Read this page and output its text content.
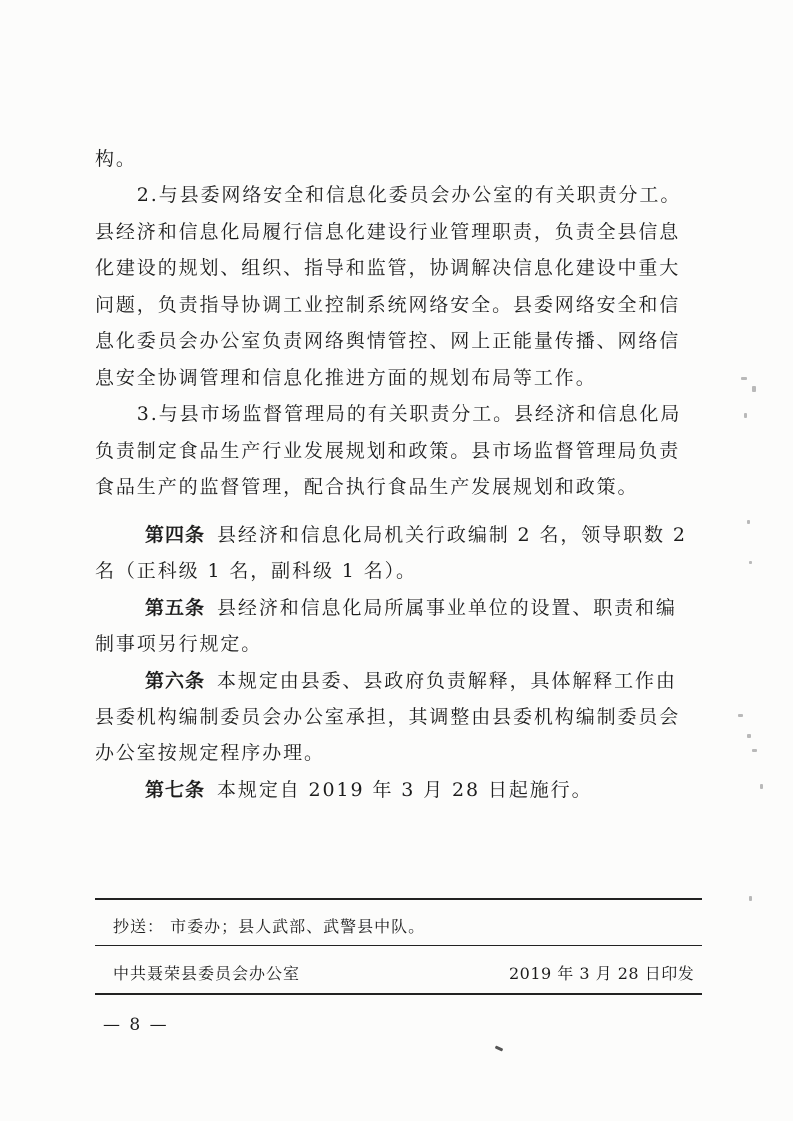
构。
　　2.与县委网络安全和信息化委员会办公室的有关职责分工。
县经济和信息化局履行信息化建设行业管理职责，负责全县信息
化建设的规划、组织、指导和监管，协调解决信息化建设中重大
问题，负责指导协调工业控制系统网络安全。县委网络安全和信
息化委员会办公室负责网络舆情管控、网上正能量传播、网络信
息安全协调管理和信息化推进方面的规划布局等工作。
　　3.与县市场监督管理局的有关职责分工。县经济和信息化局
负责制定食品生产行业发展规划和政策。县市场监督管理局负责
食品生产的监督管理，配合执行食品生产发展规划和政策。
第四条 县经济和信息化局机关行政编制 2 名，领导职数 2
名（正科级 1 名，副科级 1 名）。
第五条 县经济和信息化局所属事业单位的设置、职责和编
制事项另行规定。
第六条 本规定由县委、县政府负责解释，具体解释工作由
县委机构编制委员会办公室承担，其调整由县委机构编制委员会
办公室按规定程序办理。
第七条 本规定自 2019 年 3 月 28 日起施行。
抄送： 市委办；县人武部、武警县中队。
中共聂荣县委员会办公室	2019 年 3 月 28 日印发
— 8 —
